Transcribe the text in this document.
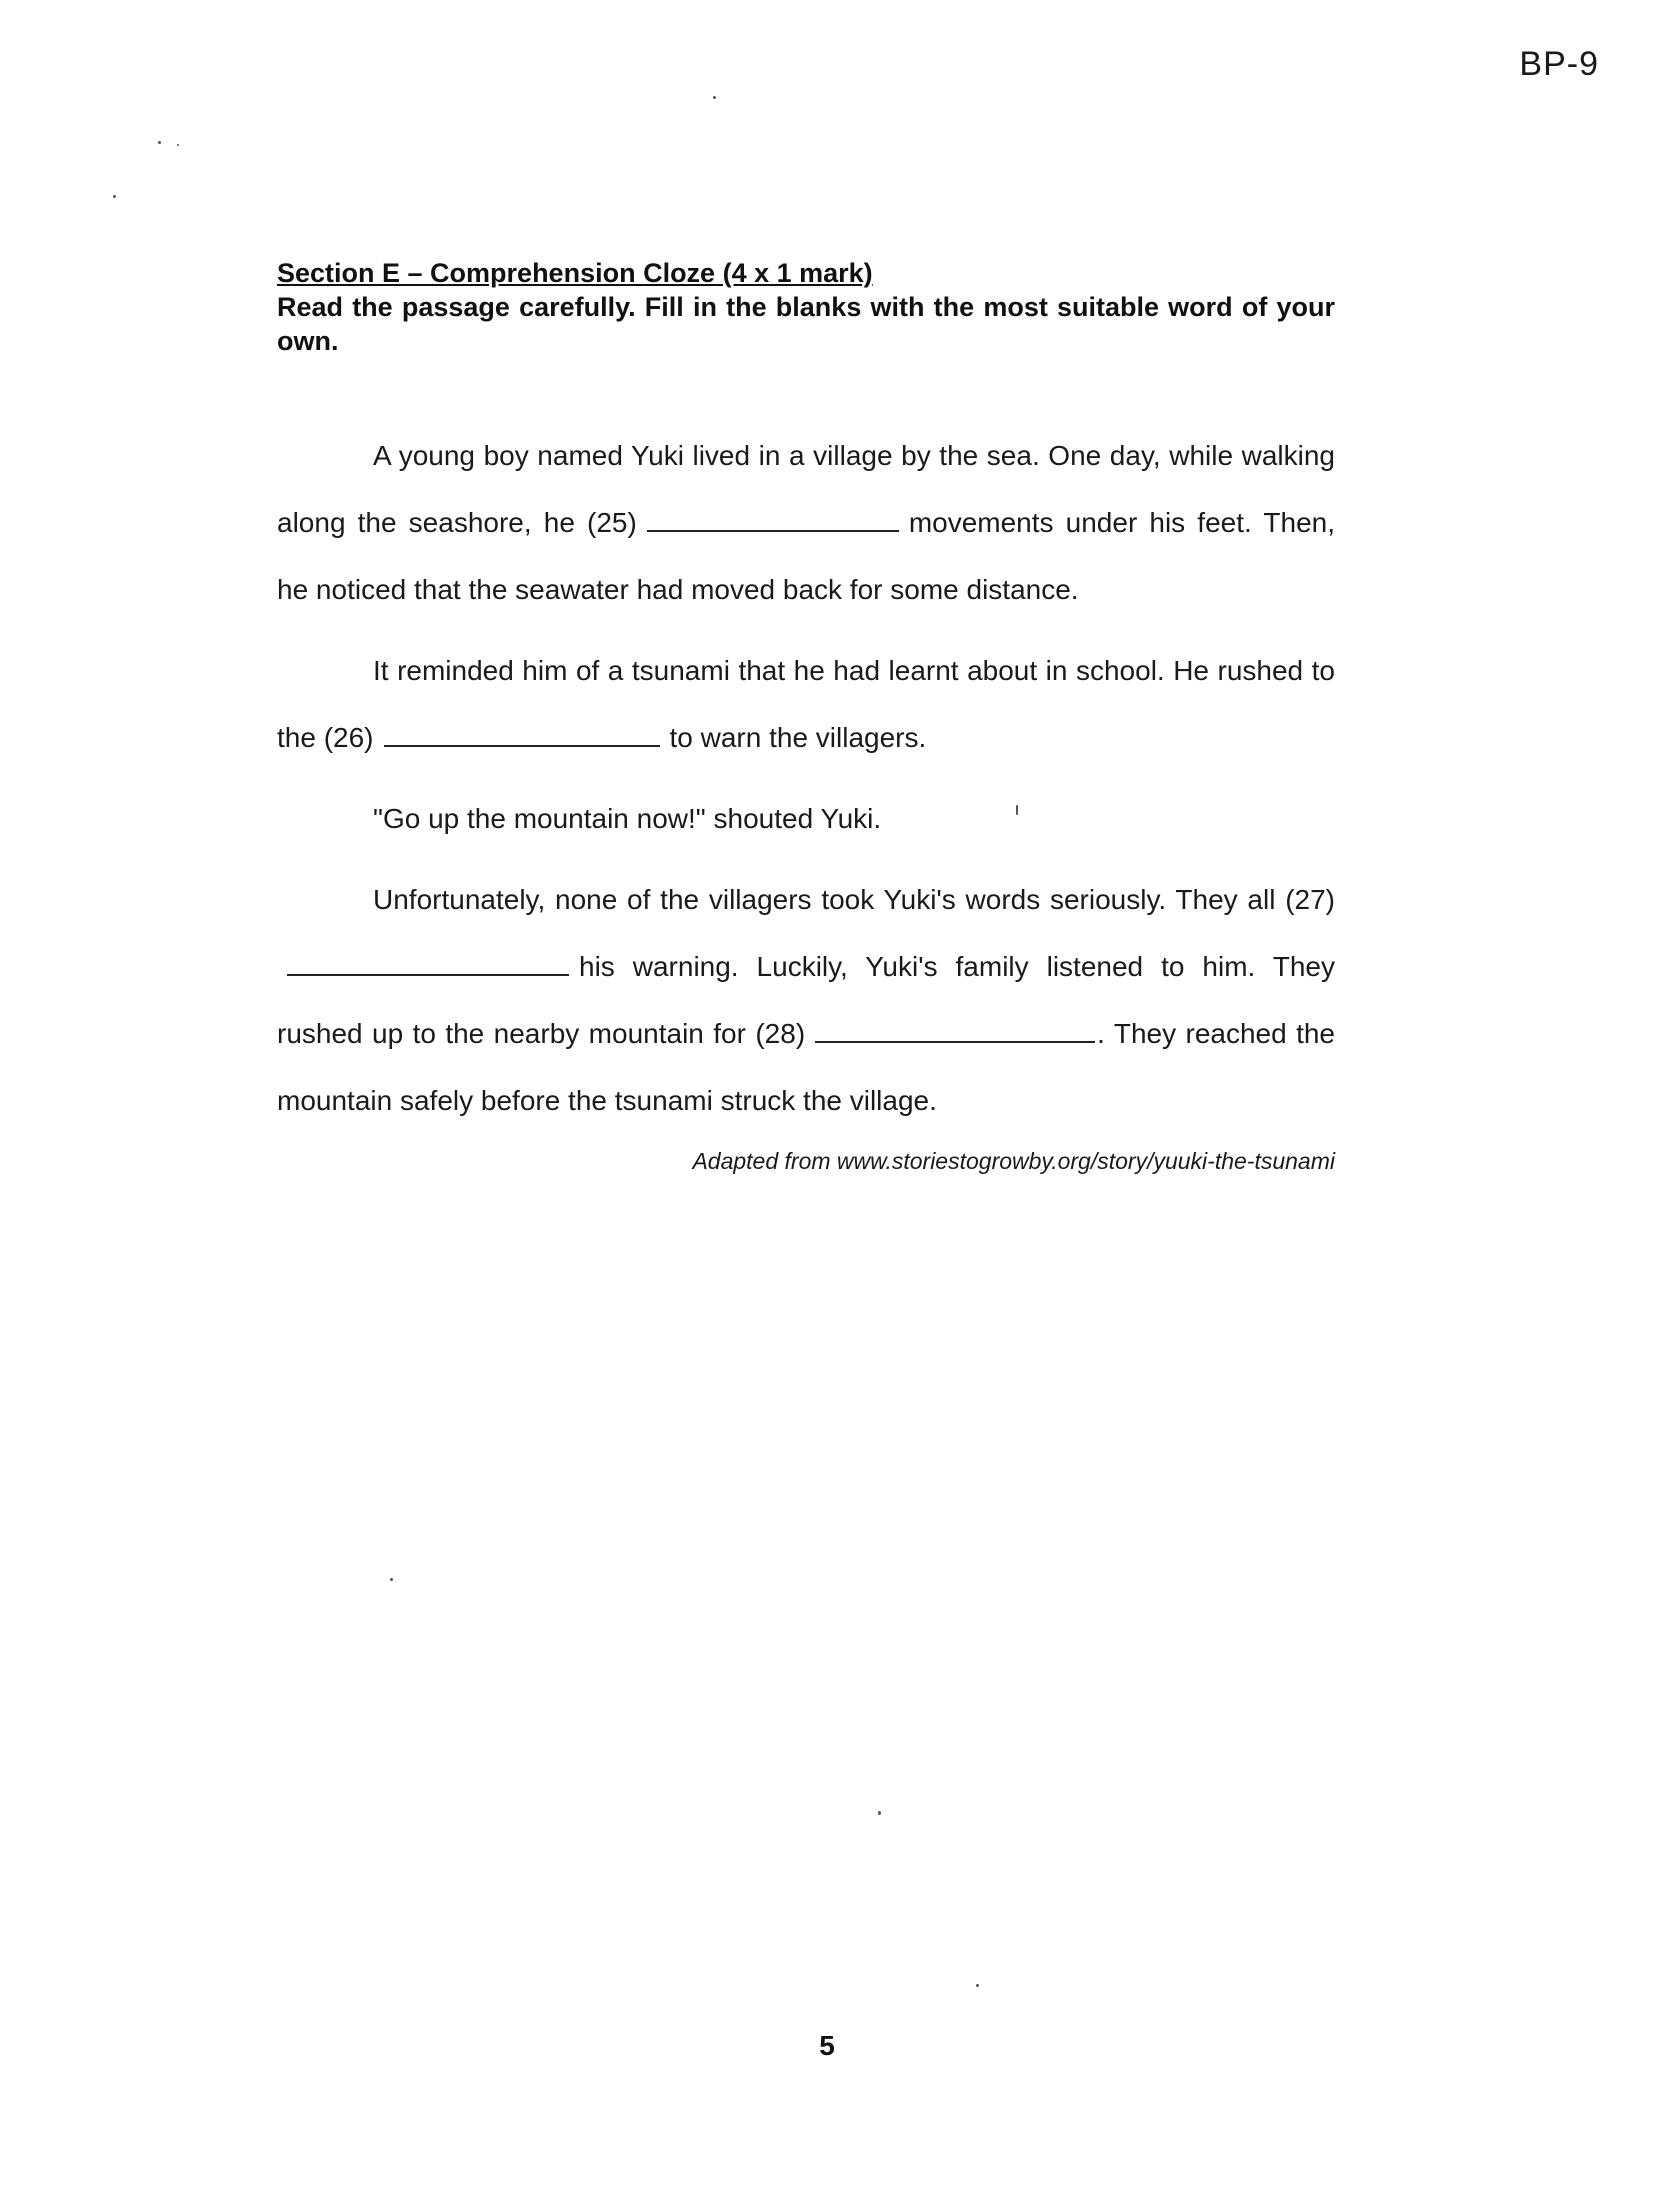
BP-9

Section E – Comprehension Cloze (4 x 1 mark)

Read the passage carefully. Fill in the blanks with the most suitable word of your own.

A young boy named Yuki lived in a village by the sea. One day, while walking along the seashore, he (25)	movements under his feet. Then, he noticed that the seawater had moved back for some distance.

It reminded him of a tsunami that he had learnt about in school. He rushed to the (26)	to warn the villagers.

"Go up the mountain now!" shouted Yuki.

Unfortunately, none of the villagers took Yuki's words seriously. They all (27)his warning. Luckily, Yuki's family listened to him. They rushed up to the nearby mountain for (28)	. They reached the mountain safely before the tsunami struck the village.

Adapted from www.storiestogrowby.org/story/yuuki-the-tsunami
5
